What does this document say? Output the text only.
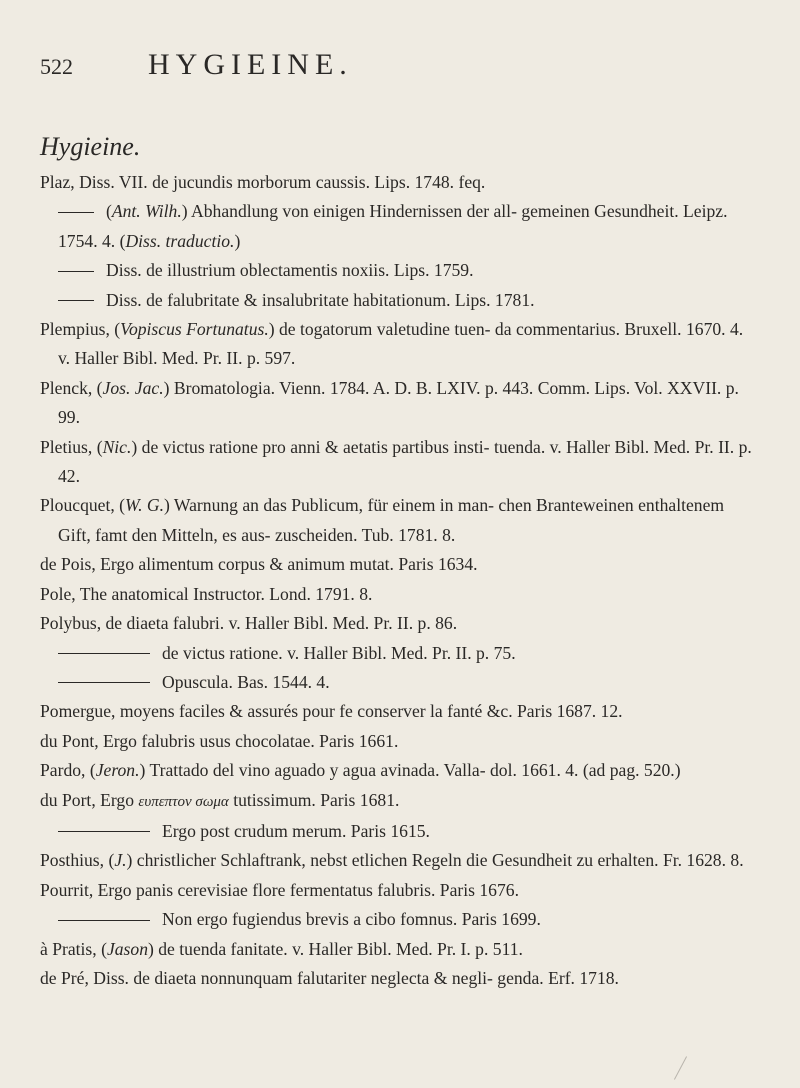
522	HYGIEINE.
Hygieine.
Plaz, Diss. VII. de jucundis morborum caussis. Lips. 1748. feq.
(Ant. Wilh.) Abhandlung von einigen Hindernissen der all- gemeinen Gesundheit. Leipz. 1754. 4. (Diss. traductio.)
Diss. de illustrium oblectamentis noxiis. Lips. 1759.
Diss. de falubritate & insalubritate habitationum. Lips. 1781.
Plempius, (Vopiscus Fortunatus.) de togatorum valetudine tuen- da commentarius. Bruxell. 1670. 4. v. Haller Bibl. Med. Pr. II. p. 597.
Plenck, (Jos. Jac.) Bromatologia. Vienn. 1784. A. D. B. LXIV. p. 443. Comm. Lips. Vol. XXVII. p. 99.
Pletius, (Nic.) de victus ratione pro anni & aetatis partibus insti- tuenda. v. Haller Bibl. Med. Pr. II. p. 42.
Ploucquet, (W. G.) Warnung an das Publicum, für einem in man- chen Branteweinen enthaltenem Gift, famt den Mitteln, es aus- zuscheiden. Tub. 1781. 8.
de Pois, Ergo alimentum corpus & animum mutat. Paris 1634.
Pole, The anatomical Instructor. Lond. 1791. 8.
Polybus, de diaeta falubri. v. Haller Bibl. Med. Pr. II. p. 86.
de victus ratione. v. Haller Bibl. Med. Pr. II. p. 75.
Opuscula. Bas. 1544. 4.
Pomergue, moyens faciles & assurés pour fe conserver la fanté &c. Paris 1687. 12.
du Pont, Ergo falubris usus chocolatae. Paris 1661.
Pardo, (Jeron.) Trattado del vino aguado y agua avinada. Valla- dol. 1661. 4. (ad pag. 520.)
du Port, Ergo ευπεπτον σωμα tutissimum. Paris 1681.
Ergo post crudum merum. Paris 1615.
Posthius, (J.) christlicher Schlaftrank, nebst etlichen Regeln die Gesundheit zu erhalten. Fr. 1628. 8.
Pourrit, Ergo panis cerevisiae flore fermentatus falubris. Paris 1676.
Non ergo fugiendus brevis a cibo fomnus. Paris 1699.
à Pratis, (Jason) de tuenda fanitate. v. Haller Bibl. Med. Pr. I. p. 511.
de Pré, Diss. de diaeta nonnunquam falutariter neglecta & negli- genda. Erf. 1718.
